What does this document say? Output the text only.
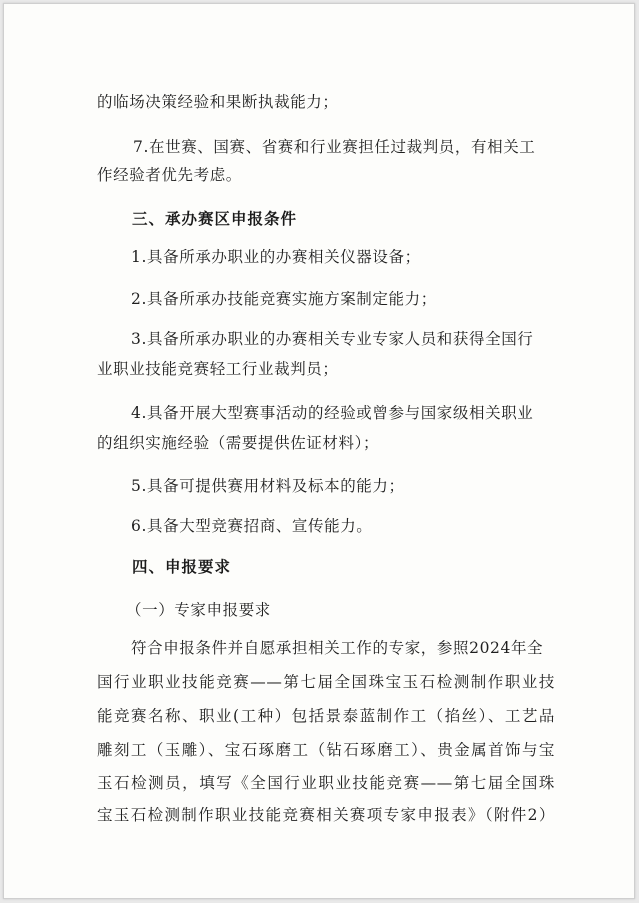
的临场决策经验和果断执裁能力；
7.在世赛、国赛、省赛和行业赛担任过裁判员，有相关工
作经验者优先考虑。
三、承办赛区申报条件
1.具备所承办职业的办赛相关仪器设备；
2.具备所承办技能竞赛实施方案制定能力；
3.具备所承办职业的办赛相关专业专家人员和获得全国行
业职业技能竞赛轻工行业裁判员；
4.具备开展大型赛事活动的经验或曾参与国家级相关职业
的组织实施经验（需要提供佐证材料）；
5.具备可提供赛用材料及标本的能力；
6.具备大型竞赛招商、宣传能力。
四、申报要求
（一）专家申报要求
符合申报条件并自愿承担相关工作的专家，参照2024年全
国行业职业技能竞赛——第七届全国珠宝玉石检测制作职业技
能竞赛名称、职业(工种）包括景泰蓝制作工（掐丝）、工艺品
雕刻工（玉雕）、宝石琢磨工（钻石琢磨工）、贵金属首饰与宝
玉石检测员，填写《全国行业职业技能竞赛——第七届全国珠
宝玉石检测制作职业技能竞赛相关赛项专家申报表》（附件2）
